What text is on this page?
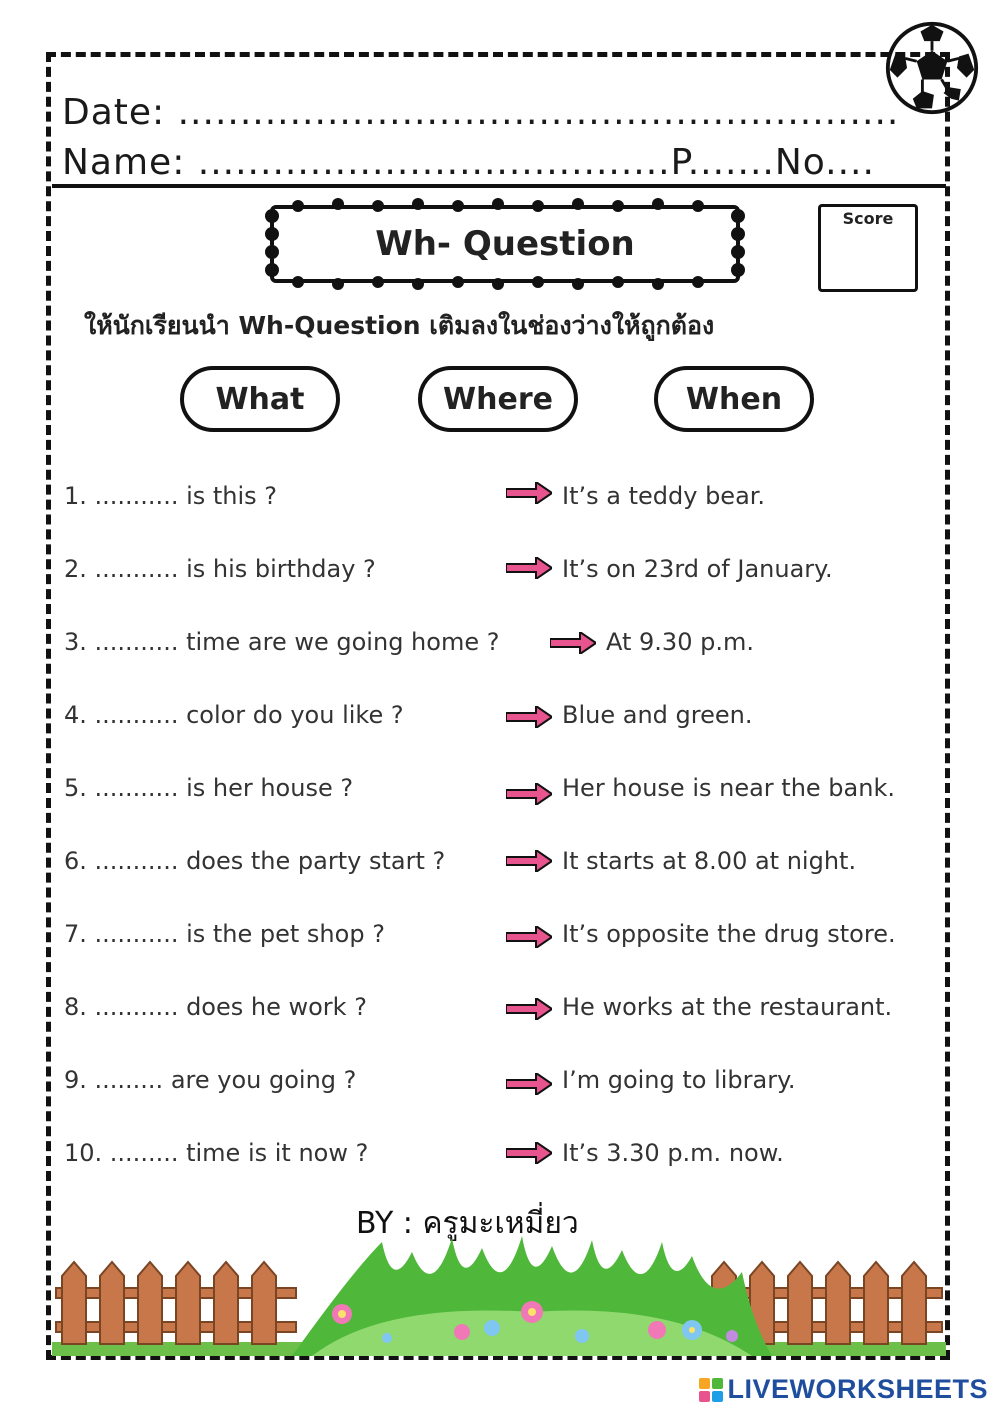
Date: ..........................................................
Name: ......................................P.......No....
Wh- Question
Score
ให้นักเรียนนำ Wh-Question เติมลงในช่องว่างให้ถูกต้อง
What	Where	When
1. ........... is this ?
2. ........... is his birthday ?
3. ........... time are we going home ?
4. ........... color do you like ?
5. ........... is her house ?
6. ........... does the party start ?
7. ........... is the pet shop ?
8. ........... does he work ?
9. ......... are you going ?
10. ......... time is it now ?
It’s a teddy bear.
It’s on 23rd of January.
At 9.30 p.m.
Blue and green.
Her house is near the bank.
It starts at 8.00 at night.
It’s opposite the drug store.
He works at the restaurant.
I’m going to library.
It’s 3.30 p.m. now.
BY : ครูมะเหมี่ยว
LIVEWORKSHEETS
